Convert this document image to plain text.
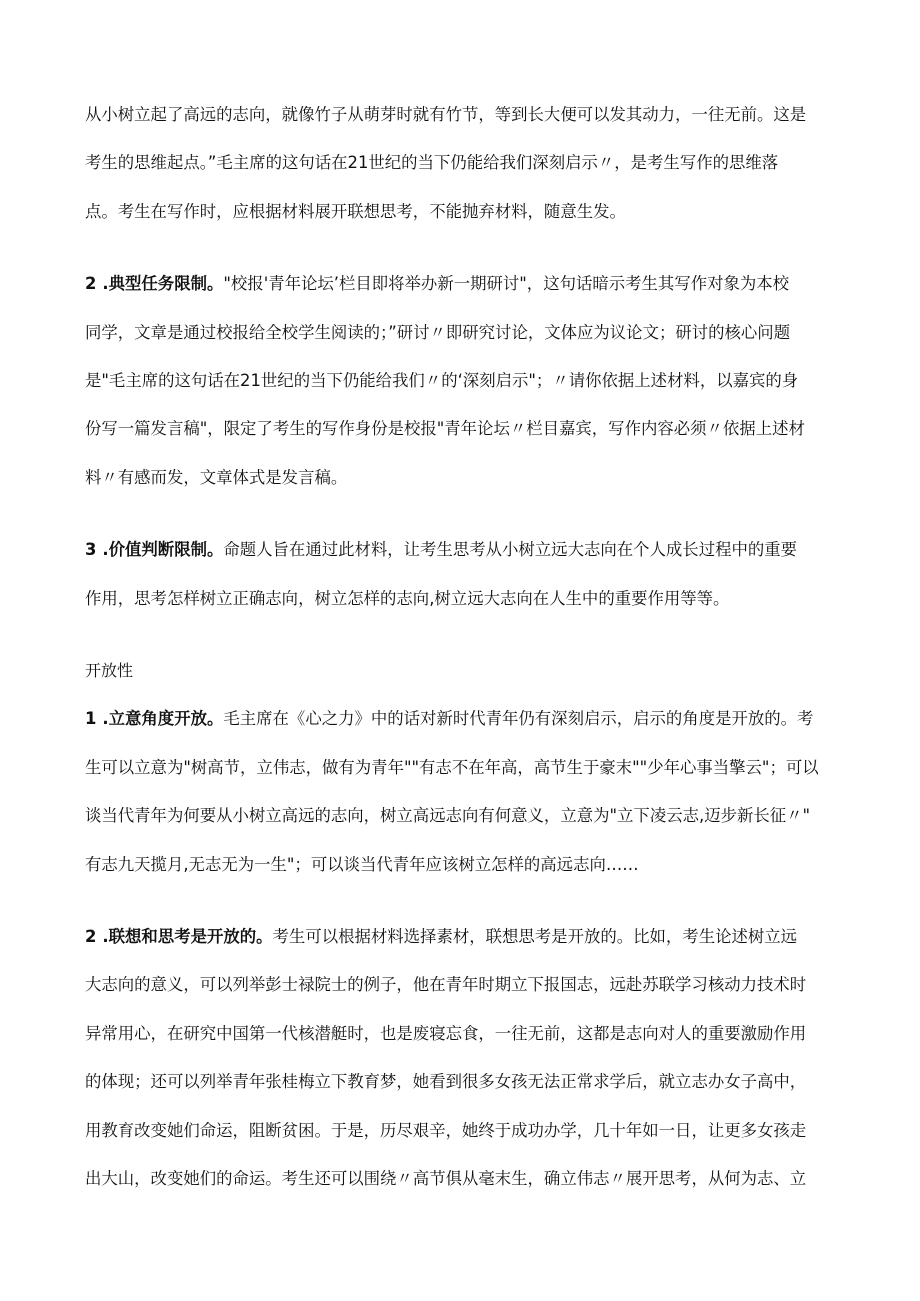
从小树立起了高远的志向，就像竹子从萌芽时就有竹节，等到长大便可以发其动力，一往无前。这是
考生的思维起点。”毛主席的这句话在21世纪的当下仍能给我们深刻启示〃，是考生写作的思维落
点。考生在写作时，应根据材料展开联想思考，不能抛弃材料，随意生发。
2 .典型任务限制。"校报'青年论坛’栏目即将举办新一期研讨"，这句话暗示考生其写作对象为本校
同学，文章是通过校报给全校学生阅读的；”研讨〃即研究讨论，文体应为议论文；研讨的核心问题
是"毛主席的这句话在21世纪的当下仍能给我们〃的‘深刻启示"；〃请你依据上述材料，以嘉宾的身
份写一篇发言稿"，限定了考生的写作身份是校报"青年论坛〃栏目嘉宾，写作内容必须〃依据上述材
料〃有感而发，文章体式是发言稿。
3 .价值判断限制。命题人旨在通过此材料，让考生思考从小树立远大志向在个人成长过程中的重要
作用，思考怎样树立正确志向，树立怎样的志向,树立远大志向在人生中的重要作用等等。
开放性
1 .立意角度开放。毛主席在《心之力》中的话对新时代青年仍有深刻启示，启示的角度是开放的。考
生可以立意为"树高节，立伟志，做有为青年""有志不在年高，高节生于豪末""少年心事当擎云"；可以
谈当代青年为何要从小树立高远的志向，树立高远志向有何意义，立意为"立下凌云志,迈步新长征〃"
有志九天揽月,无志无为一生"；可以谈当代青年应该树立怎样的高远志向……
2 .联想和思考是开放的。考生可以根据材料选择素材，联想思考是开放的。比如，考生论述树立远
大志向的意义，可以列举彭士禄院士的例子，他在青年时期立下报国志，远赴苏联学习核动力技术时
异常用心，在研究中国第一代核潜艇时，也是废寝忘食，一往无前，这都是志向对人的重要激励作用
的体现；还可以列举青年张桂梅立下教育梦，她看到很多女孩无法正常求学后，就立志办女子高中，
用教育改变她们命运，阻断贫困。于是，历尽艰辛，她终于成功办学，几十年如一日，让更多女孩走
出大山，改变她们的命运。考生还可以围绕〃高节俱从毫末生，确立伟志〃展开思考，从何为志、立
